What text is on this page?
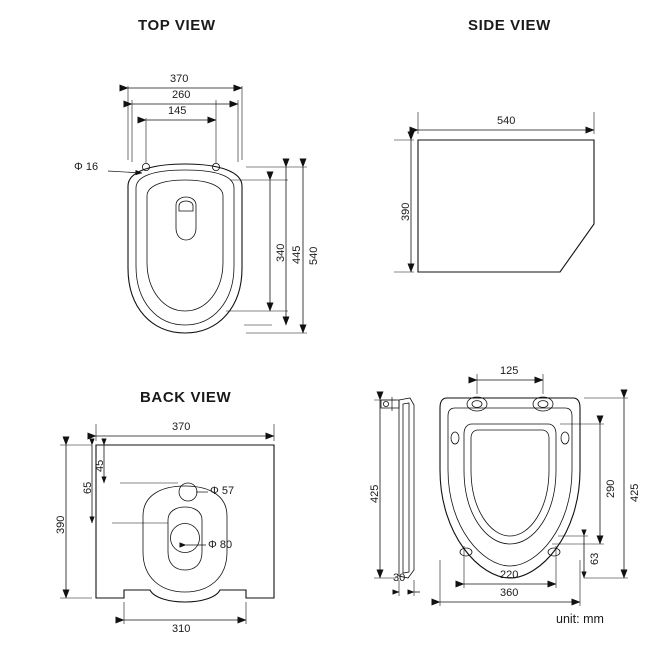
TOP VIEW	SIDE VIEW
BACK VIEW
unit: mm
370
260
145
Φ 16
540
445
340
540
390
370
310
390
45
65	Φ 57
Φ 80
125
220
360
425
290
63
425
30
